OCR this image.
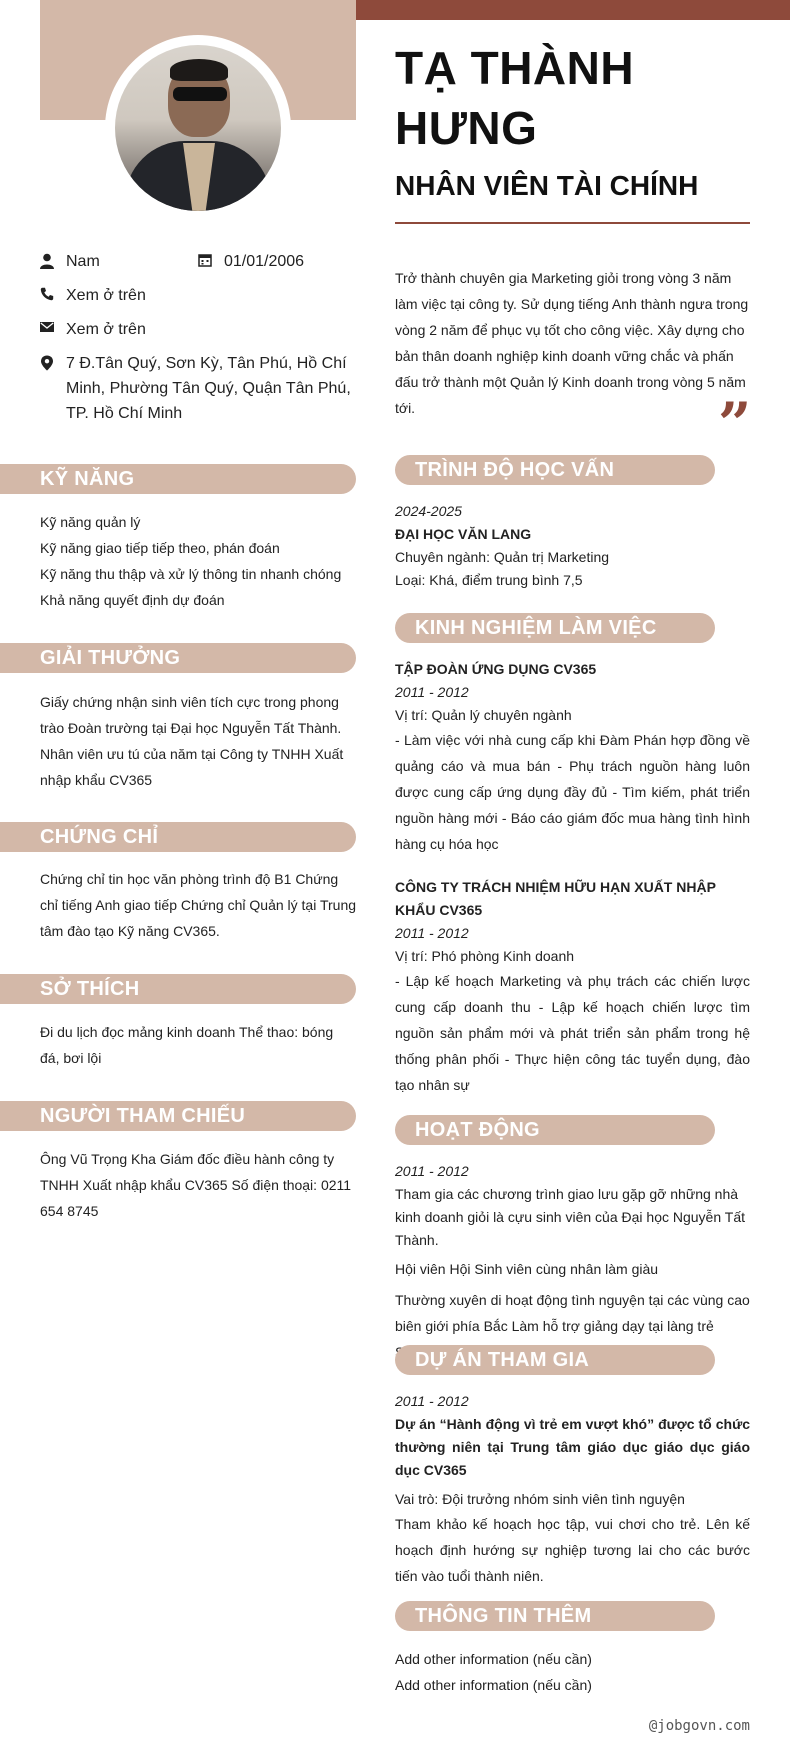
TẠ THÀNH HƯNG
NHÂN VIÊN TÀI CHÍNH
Nam	01/01/2006
Xem ở trên
Xem ở trên
7 Đ.Tân Quý, Sơn Kỳ, Tân Phú, Hồ Chí Minh, Phường Tân Quý, Quận Tân Phú, TP. Hồ Chí Minh
Trở thành chuyên gia Marketing giỏi trong vòng 3 năm làm việc tại công ty. Sử dụng tiếng Anh thành ngưa trong vòng 2 năm để phục vụ tốt cho công việc. Xây dựng cho bản thân doanh nghiệp kinh doanh vững chắc và phấn đấu trở thành một Quản lý Kinh doanh trong vòng 5 năm tới.	”
KỸ NĂNG
Kỹ năng quản lý
Kỹ năng giao tiếp tiếp theo, phán đoán
Kỹ năng thu thập và xử lý thông tin nhanh chóng
Khả năng quyết định dự đoán
GIẢI THƯỞNG
Giấy chứng nhận sinh viên tích cực trong phong trào Đoàn trường tại Đại học Nguyễn Tất Thành. Nhân viên ưu tú của năm tại Công ty TNHH Xuất nhập khẩu CV365
CHỨNG CHỈ
Chứng chỉ tin học văn phòng trình độ B1 Chứng chỉ tiếng Anh giao tiếp Chứng chỉ Quản lý tại Trung tâm đào tạo Kỹ năng CV365.
SỞ THÍCH
Đi du lịch đọc mảng kinh doanh Thể thao: bóng đá, bơi lội
NGƯỜI THAM CHIẾU
Ông Vũ Trọng Kha Giám đốc điều hành công ty TNHH Xuất nhập khẩu CV365 Số điện thoại: 0211 654 8745
TRÌNH ĐỘ HỌC VẤN

2024-2025

ĐẠI HỌC VĂN LANG

Chuyên ngành: Quản trị Marketing

Loại: Khá, điểm trung bình 7,5

KINH NGHIỆM LÀM VIỆC

TẬP ĐOÀN ỨNG DỤNG CV365

2011 - 2012

Vị trí: Quản lý chuyên ngành

- Làm việc với nhà cung cấp khi Đàm Phán hợp đồng về quảng cáo và mua bán - Phụ trách nguồn hàng luôn được cung cấp ứng dụng đầy đủ - Tìm kiếm, phát triển nguồn hàng mới - Báo cáo giám đốc mua hàng tình hình hàng cụ hóa học

CÔNG TY TRÁCH NHIỆM HỮU HẠN XUẤT NHẬP KHẨU CV365

2011 - 2012

Vị trí: Phó phòng Kinh doanh

- Lập kế hoạch Marketing và phụ trách các chiến lược cung cấp doanh thu - Lập kế hoạch chiến lược tìm nguồn sản phẩm mới và phát triển sản phẩm trong hệ thống phân phối - Thực hiện công tác tuyển dụng, đào tạo nhân sự

HOẠT ĐỘNG

2011 - 2012

Tham gia các chương trình giao lưu gặp gỡ những nhà kinh doanh giỏi là cựu sinh viên của Đại học Nguyễn Tất Thành.

Hội viên Hội Sinh viên cùng nhân làm giàu

Thường xuyên di hoạt động tình nguyện tại các vùng cao biên giới phía Bắc Làm hỗ trợ giảng dạy tại làng trẻ

DỰ ÁN THAM GIA

2011 - 2012

Dự án “Hành động vì trẻ em vượt khó” được tổ chức thường niên tại Trung tâm giáo dục giáo dục giáo dục CV365

Vai trò: Đội trưởng nhóm sinh viên tình nguyện

Tham khảo kế hoạch học tập, vui chơi cho trẻ. Lên kế hoạch định hướng sự nghiệp tương lai cho các bước tiến vào tuổi thành niên.

THÔNG TIN THÊM

Add other information (nếu cần)

Add other information (nếu cần)

@jobgovn.com
